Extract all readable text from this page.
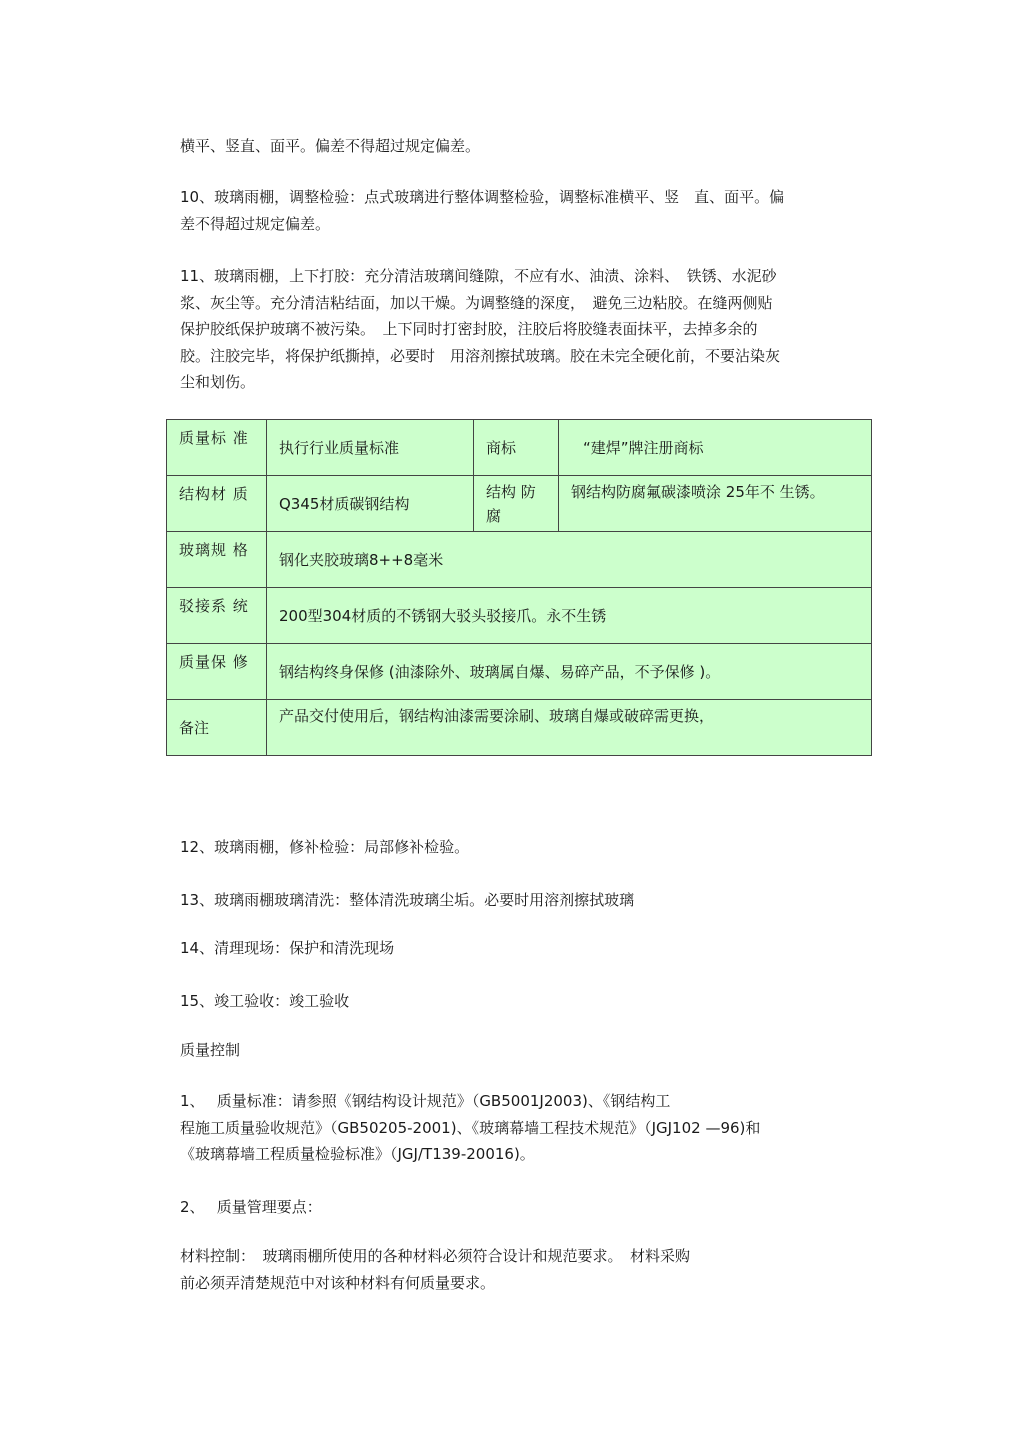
横平、竖直、面平。偏差不得超过规定偏差。

10、玻璃雨棚，调整检验：点式玻璃进行整体调整检验，调整标准横平、竖　直、面平。偏
差不得超过规定偏差。

11、玻璃雨棚，上下打胶：充分清洁玻璃间缝隙，不应有水、油渍、涂料、　铁锈、水泥砂
浆、灰尘等。充分清洁粘结面，加以干燥。为调整缝的深度，　避免三边粘胶。在缝两侧贴
保护胶纸保护玻璃不被污染。　上下同时打密封胶，注胶后将胶缝表面抹平，去掉多余的
胶。注胶完毕，将保护纸撕掉，必要时　用溶剂擦拭玻璃。胶在未完全硬化前，不要沾染灰
尘和划伤。

质量标 准	执行行业质量标准	商标	“建焊”牌注册商标
结构材 质	Q345材质碳钢结构	结构 防腐	钢结构防腐氟碳漆喷涂 25年不 生锈。
玻璃规 格	钢化夹胶玻璃8++8毫米		
驳接系 统	200型304材质的不锈钢大驳头驳接爪。永不生锈		
质量保 修	钢结构终身保修 (油漆除外、玻璃属自爆、易碎产品，不予保修 )。		
备注	产品交付使用后，钢结构油漆需要涂刷、玻璃自爆或破碎需更换，		

12、玻璃雨棚，修补检验：局部修补检验。

13、玻璃雨棚玻璃清洗：整体清洗玻璃尘垢。必要时用溶剂擦拭玻璃

14、清理现场：保护和清洗现场

15、竣工验收：竣工验收

质量控制

1、　 质量标准：请参照《钢结构设计规范》（GB5001J2003)、《钢结构工
程施工质量验收规范》（GB50205-2001)、《玻璃幕墙工程技术规范》（JGJ102 —96)和
《玻璃幕墙工程质量检验标准》（JGJ/T139-20016)。

2、　 质量管理要点：

材料控制：　玻璃雨棚所使用的各种材料必须符合设计和规范要求。　材料采购
前必须弄清楚规范中对该种材料有何质量要求。
